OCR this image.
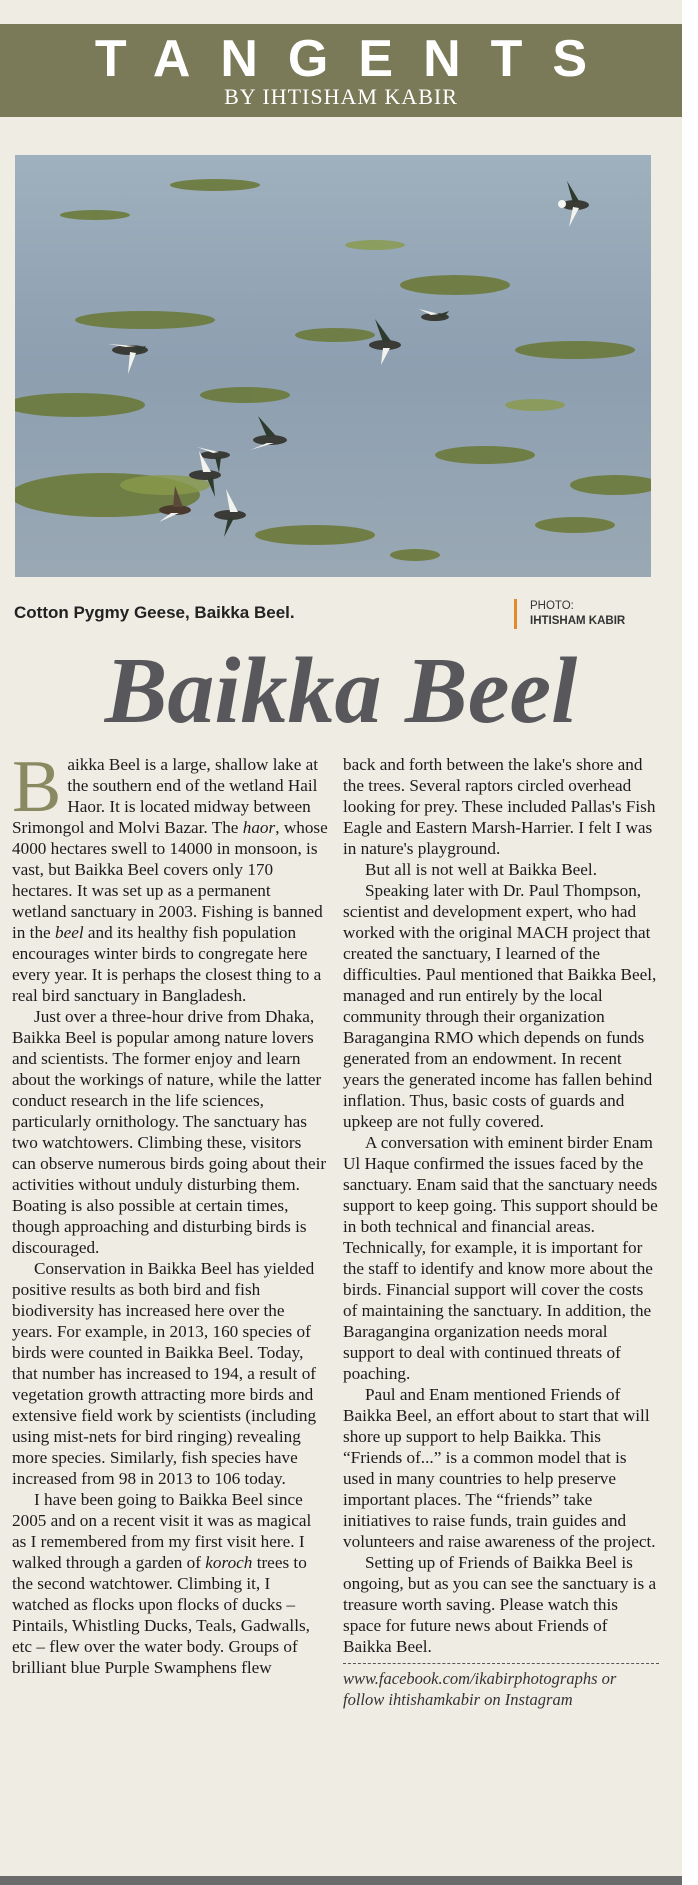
TANGENTS
BY IHTISHAM KABIR
Cotton Pygmy Geese, Baikka Beel.	PHOTO:
IHTISHAM KABIR
Baikka Beel

Baikka Beel is a large, shallow lake at the southern end of the wetland Hail Haor. It is located midway between Srimongol and Molvi Bazar. The haor, whose 4000 hectares swell to 14000 in monsoon, is vast, but Baikka Beel covers only 170 hectares. It was set up as a permanent wetland sanctuary in 2003. Fishing is banned in the beel and its healthy fish population encourages winter birds to congregate here every year. It is perhaps the closest thing to a real bird sanctuary in Bangladesh.

Just over a three-hour drive from Dhaka, Baikka Beel is popular among nature lovers and scientists. The former enjoy and learn about the workings of nature, while the latter conduct research in the life sciences, particularly ornithology. The sanctuary has two watchtowers. Climbing these, visitors can observe numerous birds going about their activities without unduly disturbing them. Boating is also possible at certain times, though approaching and disturbing birds is discouraged.

Conservation in Baikka Beel has yielded positive results as both bird and fish biodiversity has increased here over the years. For example, in 2013, 160 species of birds were counted in Baikka Beel. Today, that number has increased to 194, a result of vegetation growth attracting more birds and extensive field work by scientists (including using mist-nets for bird ringing) revealing more species. Similarly, fish species have increased from 98 in 2013 to 106 today.

I have been going to Baikka Beel since 2005 and on a recent visit it was as magical as I remembered from my first visit here. I walked through a garden of koroch trees to the second watchtower. Climbing it, I watched as flocks upon flocks of ducks – Pintails, Whistling Ducks, Teals, Gadwalls, etc – flew over the water body. Groups of brilliant blue Purple Swamphens flew

back and forth between the lake's shore and the trees. Several raptors circled overhead looking for prey. These included Pallas's Fish Eagle and Eastern Marsh-Harrier. I felt I was in nature's playground.

But all is not well at Baikka Beel.

Speaking later with Dr. Paul Thompson, scientist and development expert, who had worked with the original MACH project that created the sanctuary, I learned of the difficulties. Paul mentioned that Baikka Beel, managed and run entirely by the local community through their organization Baragangina RMO which depends on funds generated from an endowment. In recent years the generated income has fallen behind inflation. Thus, basic costs of guards and upkeep are not fully covered.

A conversation with eminent birder Enam Ul Haque confirmed the issues faced by the sanctuary. Enam said that the sanctuary needs support to keep going. This support should be in both technical and financial areas. Technically, for example, it is important for the staff to identify and know more about the birds. Financial support will cover the costs of maintaining the sanctuary. In addition, the Baragangina organization needs moral support to deal with continued threats of poaching.

Paul and Enam mentioned Friends of Baikka Beel, an effort about to start that will shore up support to help Baikka. This “Friends of...” is a common model that is used in many countries to help preserve important places. The “friends” take initiatives to raise funds, train guides and volunteers and raise awareness of the project.

Setting up of Friends of Baikka Beel is ongoing, but as you can see the sanctuary is a treasure worth saving. Please watch this space for future news about Friends of Baikka Beel.

www.facebook.com/ikabirphotographs or follow ihtishamkabir on Instagram
